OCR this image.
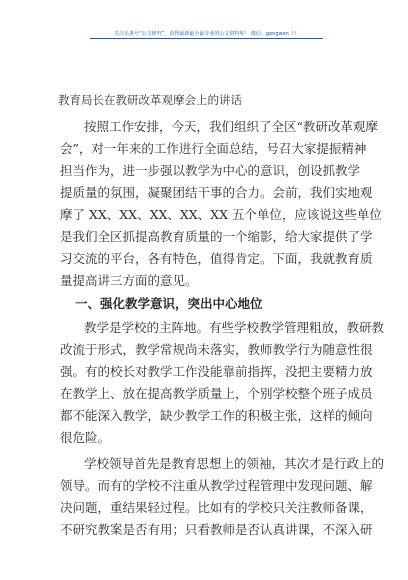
关注头条号“公文研究”，获得最新最全最专业的公文资料库！ 微信：gongwen（）
教育局长在教研改革观摩会上的讲话
按照工作安排，今天，我们组织了全区“教研改革观摩
会”，对一年来的工作进行全面总结，号召大家提振精神
担当作为，进一步强以教学为中心的意识，创设抓教学
提质量的氛围，凝聚团结干事的合力。会前，我们实地观
摩了 XX、XX、XX、XX、XX 五个单位，应该说这些单位
是我们全区抓提高教育质量的一个缩影，给大家提供了学
习交流的平台，各有特色，值得肯定。下面，我就教育质
量提高讲三方面的意见。
一、强化教学意识，突出中心地位
教学是学校的主阵地。有些学校教学管理粗放，教研教
改流于形式，教学常规尚未落实，教师教学行为随意性很
强。有的校长对教学工作没能靠前指挥，没把主要精力放
在教学上、放在提高教学质量上，个别学校整个班子成员
都不能深入教学，缺少教学工作的积极主张，这样的倾向
很危险。
学校领导首先是教育思想上的领袖，其次才是行政上的
领导。而有的学校不注重从教学过程管理中发现问题、解
决问题，重结果轻过程。比如有的学校只关注教师备课，
不研究教案是否有用；只看教师是否认真讲课，不深入研
